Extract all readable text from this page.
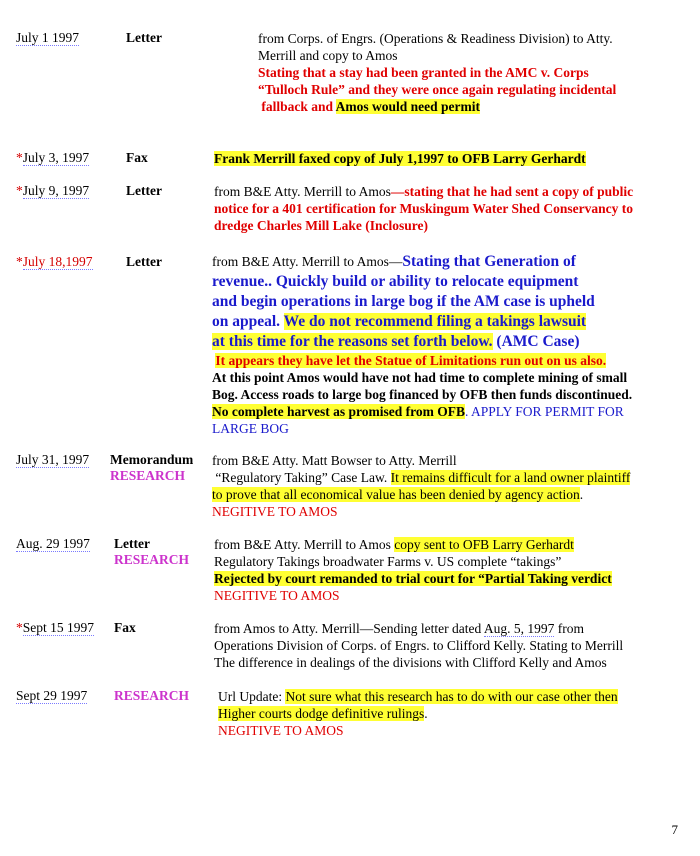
July 1 1997	Letter	from Corps. of Engrs. (Operations & Readiness Division) to Atty.
Merrill and copy to Amos
Stating that a stay had been granted in the AMC v. Corps
“Tulloch Rule” and they were once again regulating incidental
fallback and Amos would need permit
*July 3, 1997	Fax	Frank Merrill faxed copy of July 1,1997 to OFB Larry Gerhardt
*July 9, 1997	Letter	from B&E Atty. Merrill to Amos—stating that he had sent a copy of public
notice for a 401 certification for Muskingum Water Shed Conservancy to
dredge Charles Mill Lake (Inclosure)
*July 18,1997 Letter	from B&E Atty. Merrill to Amos—Stating that Generation of
revenue.. Quickly build or ability to relocate equipment
and begin operations in large bog if the AM case is upheld
on appeal. We do not recommend filing a takings lawsuit
at this time for the reasons set forth below. (AMC Case)
It appears they have let the Statue of Limitations run out on us also.
At this point Amos would have not had time to complete mining of small
Bog. Access roads to large bog financed by OFB then funds discontinued.
No complete harvest as promised from OFB. APPLY FOR PERMIT FOR
LARGE BOG
July 31, 1997 Memorandum
RESEARCH
from B&E Atty. Matt Bowser to Atty. Merrill
“Regulatory Taking” Case Law. It remains difficult for a land owner plaintiff
to prove that all economical value has been denied by agency action.
NEGITIVE TO AMOS
Aug. 29 1997 Letter
RESEARCH
from B&E Atty. Merrill to Amos copy sent to OFB Larry Gerhardt
Regulatory Takings broadwater Farms v. US complete “takings”
Rejected by court remanded to trial court for “Partial Taking verdict
NEGITIVE TO AMOS
*Sept 15 1997 Fax	from Amos to Atty. Merrill—Sending letter dated Aug. 5, 1997 from
Operations Division of Corps. of Engrs. to Clifford Kelly. Stating to Merrill
The difference in dealings of the divisions with Clifford Kelly and Amos
Sept 29 1997 RESEARCH Url Update: Not sure what this research has to do with our case other then
Higher courts dodge definitive rulings.
NEGITIVE TO AMOS
7
